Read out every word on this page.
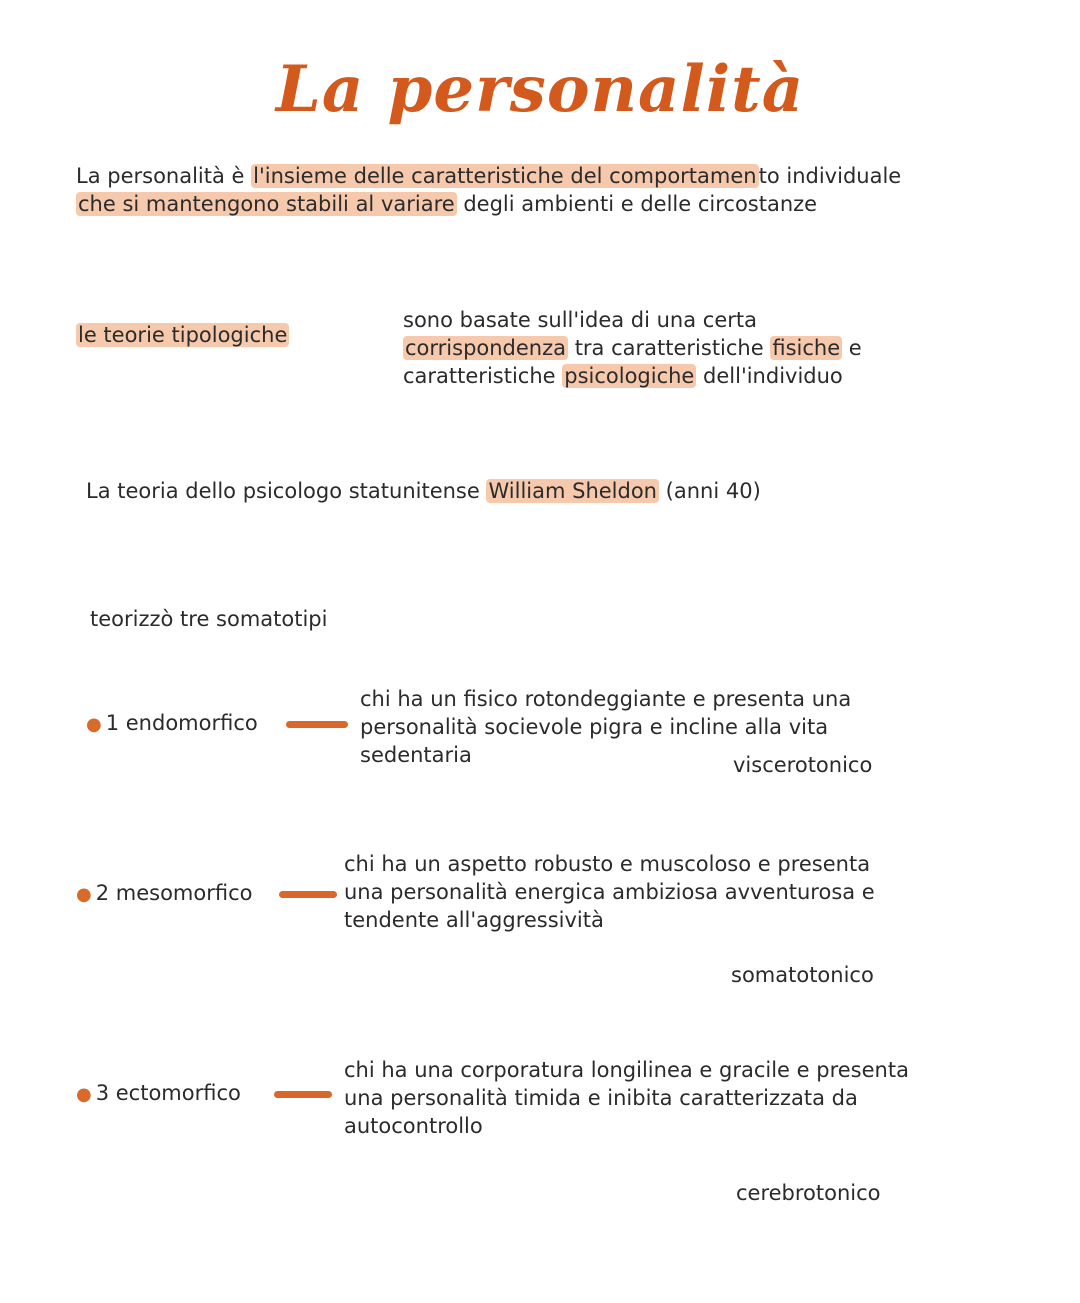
La personalità
La personalità è l'insieme delle caratteristiche del comportamento individuale
che si mantengono stabili al variare degli ambienti e delle circostanze
le teorie tipologiche
sono basate sull'idea di una certa
corrispondenza tra caratteristiche fisiche e
caratteristiche psicologiche dell'individuo
La teoria dello psicologo statunitense William Sheldon (anni 40)
teorizzò tre somatotipi
● 1 endomorfico
chi ha un fisico rotondeggiante e presenta una
personalità socievole pigra e incline alla vita
sedentaria	viscerotonico
● 2 mesomorfico
chi ha un aspetto robusto e muscoloso e presenta
una personalità energica ambiziosa avventurosa e
tendente all'aggressività
somatotonico
● 3 ectomorfico
chi ha una corporatura longilinea e gracile e presenta
una personalità timida e inibita caratterizzata da
autocontrollo
cerebrotonico
